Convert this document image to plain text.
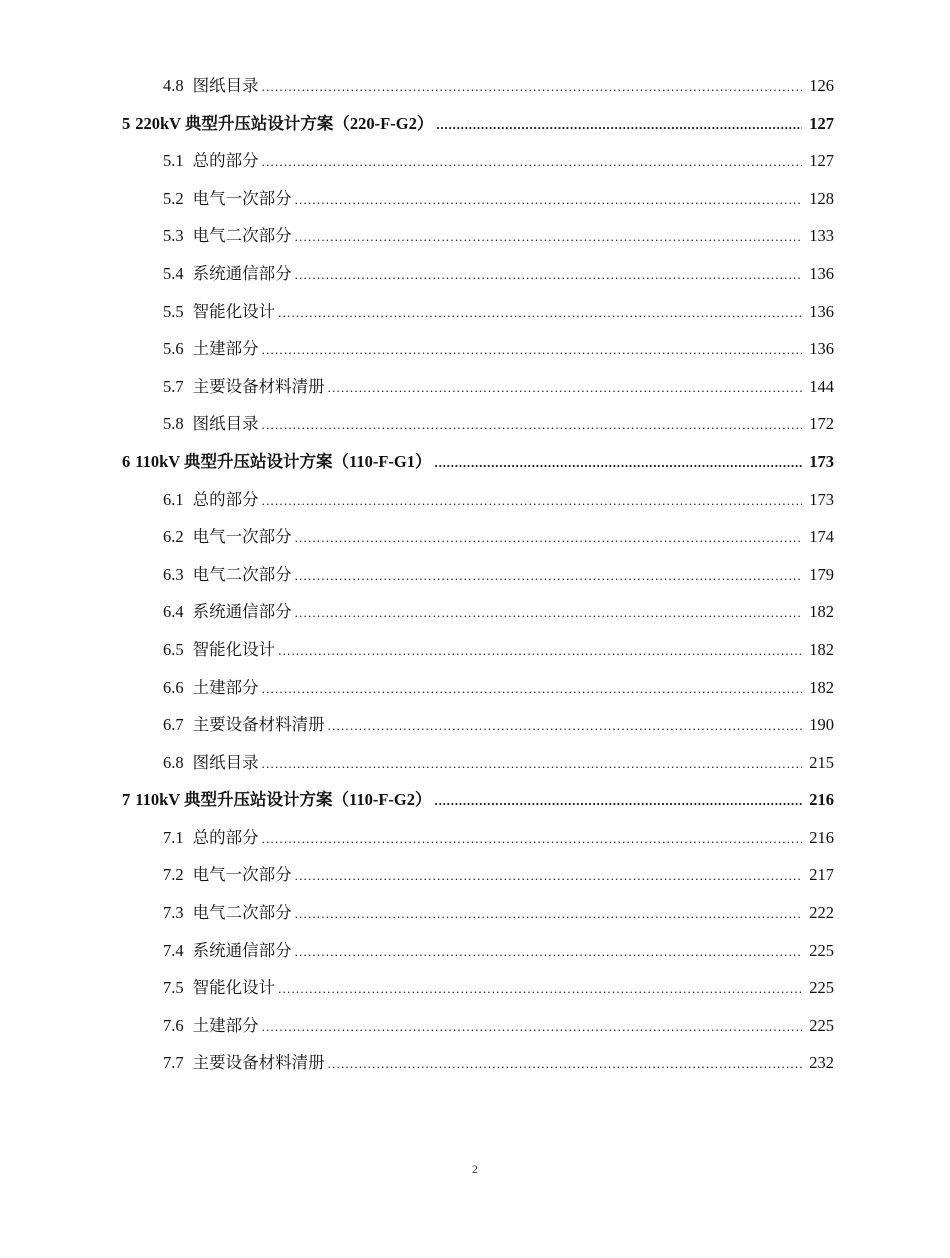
4.8 图纸目录 .....	126
5 220kV 典型升压站设计方案（220-F-G2） .....	127
5.1 总的部分 .....	127
5.2 电气一次部分 .....	128
5.3 电气二次部分 .....	133
5.4 系统通信部分 .....	136
5.5 智能化设计 .....	136
5.6 土建部分 .....	136
5.7 主要设备材料清册 .....	144
5.8 图纸目录 .....	172
6 110kV 典型升压站设计方案（110-F-G1） .....	173
6.1 总的部分 .....	173
6.2 电气一次部分 .....	174
6.3 电气二次部分 .....	179
6.4 系统通信部分 .....	182
6.5 智能化设计 .....	182
6.6 土建部分 .....	182
6.7 主要设备材料清册 .....	190
6.8 图纸目录 .....	215
7 110kV 典型升压站设计方案（110-F-G2） .....	216
7.1 总的部分 .....	216
7.2 电气一次部分 .....	217
7.3 电气二次部分 .....	222
7.4 系统通信部分 .....	225
7.5 智能化设计 .....	225
7.6 土建部分 .....	225
7.7 主要设备材料清册 .....	232
2
